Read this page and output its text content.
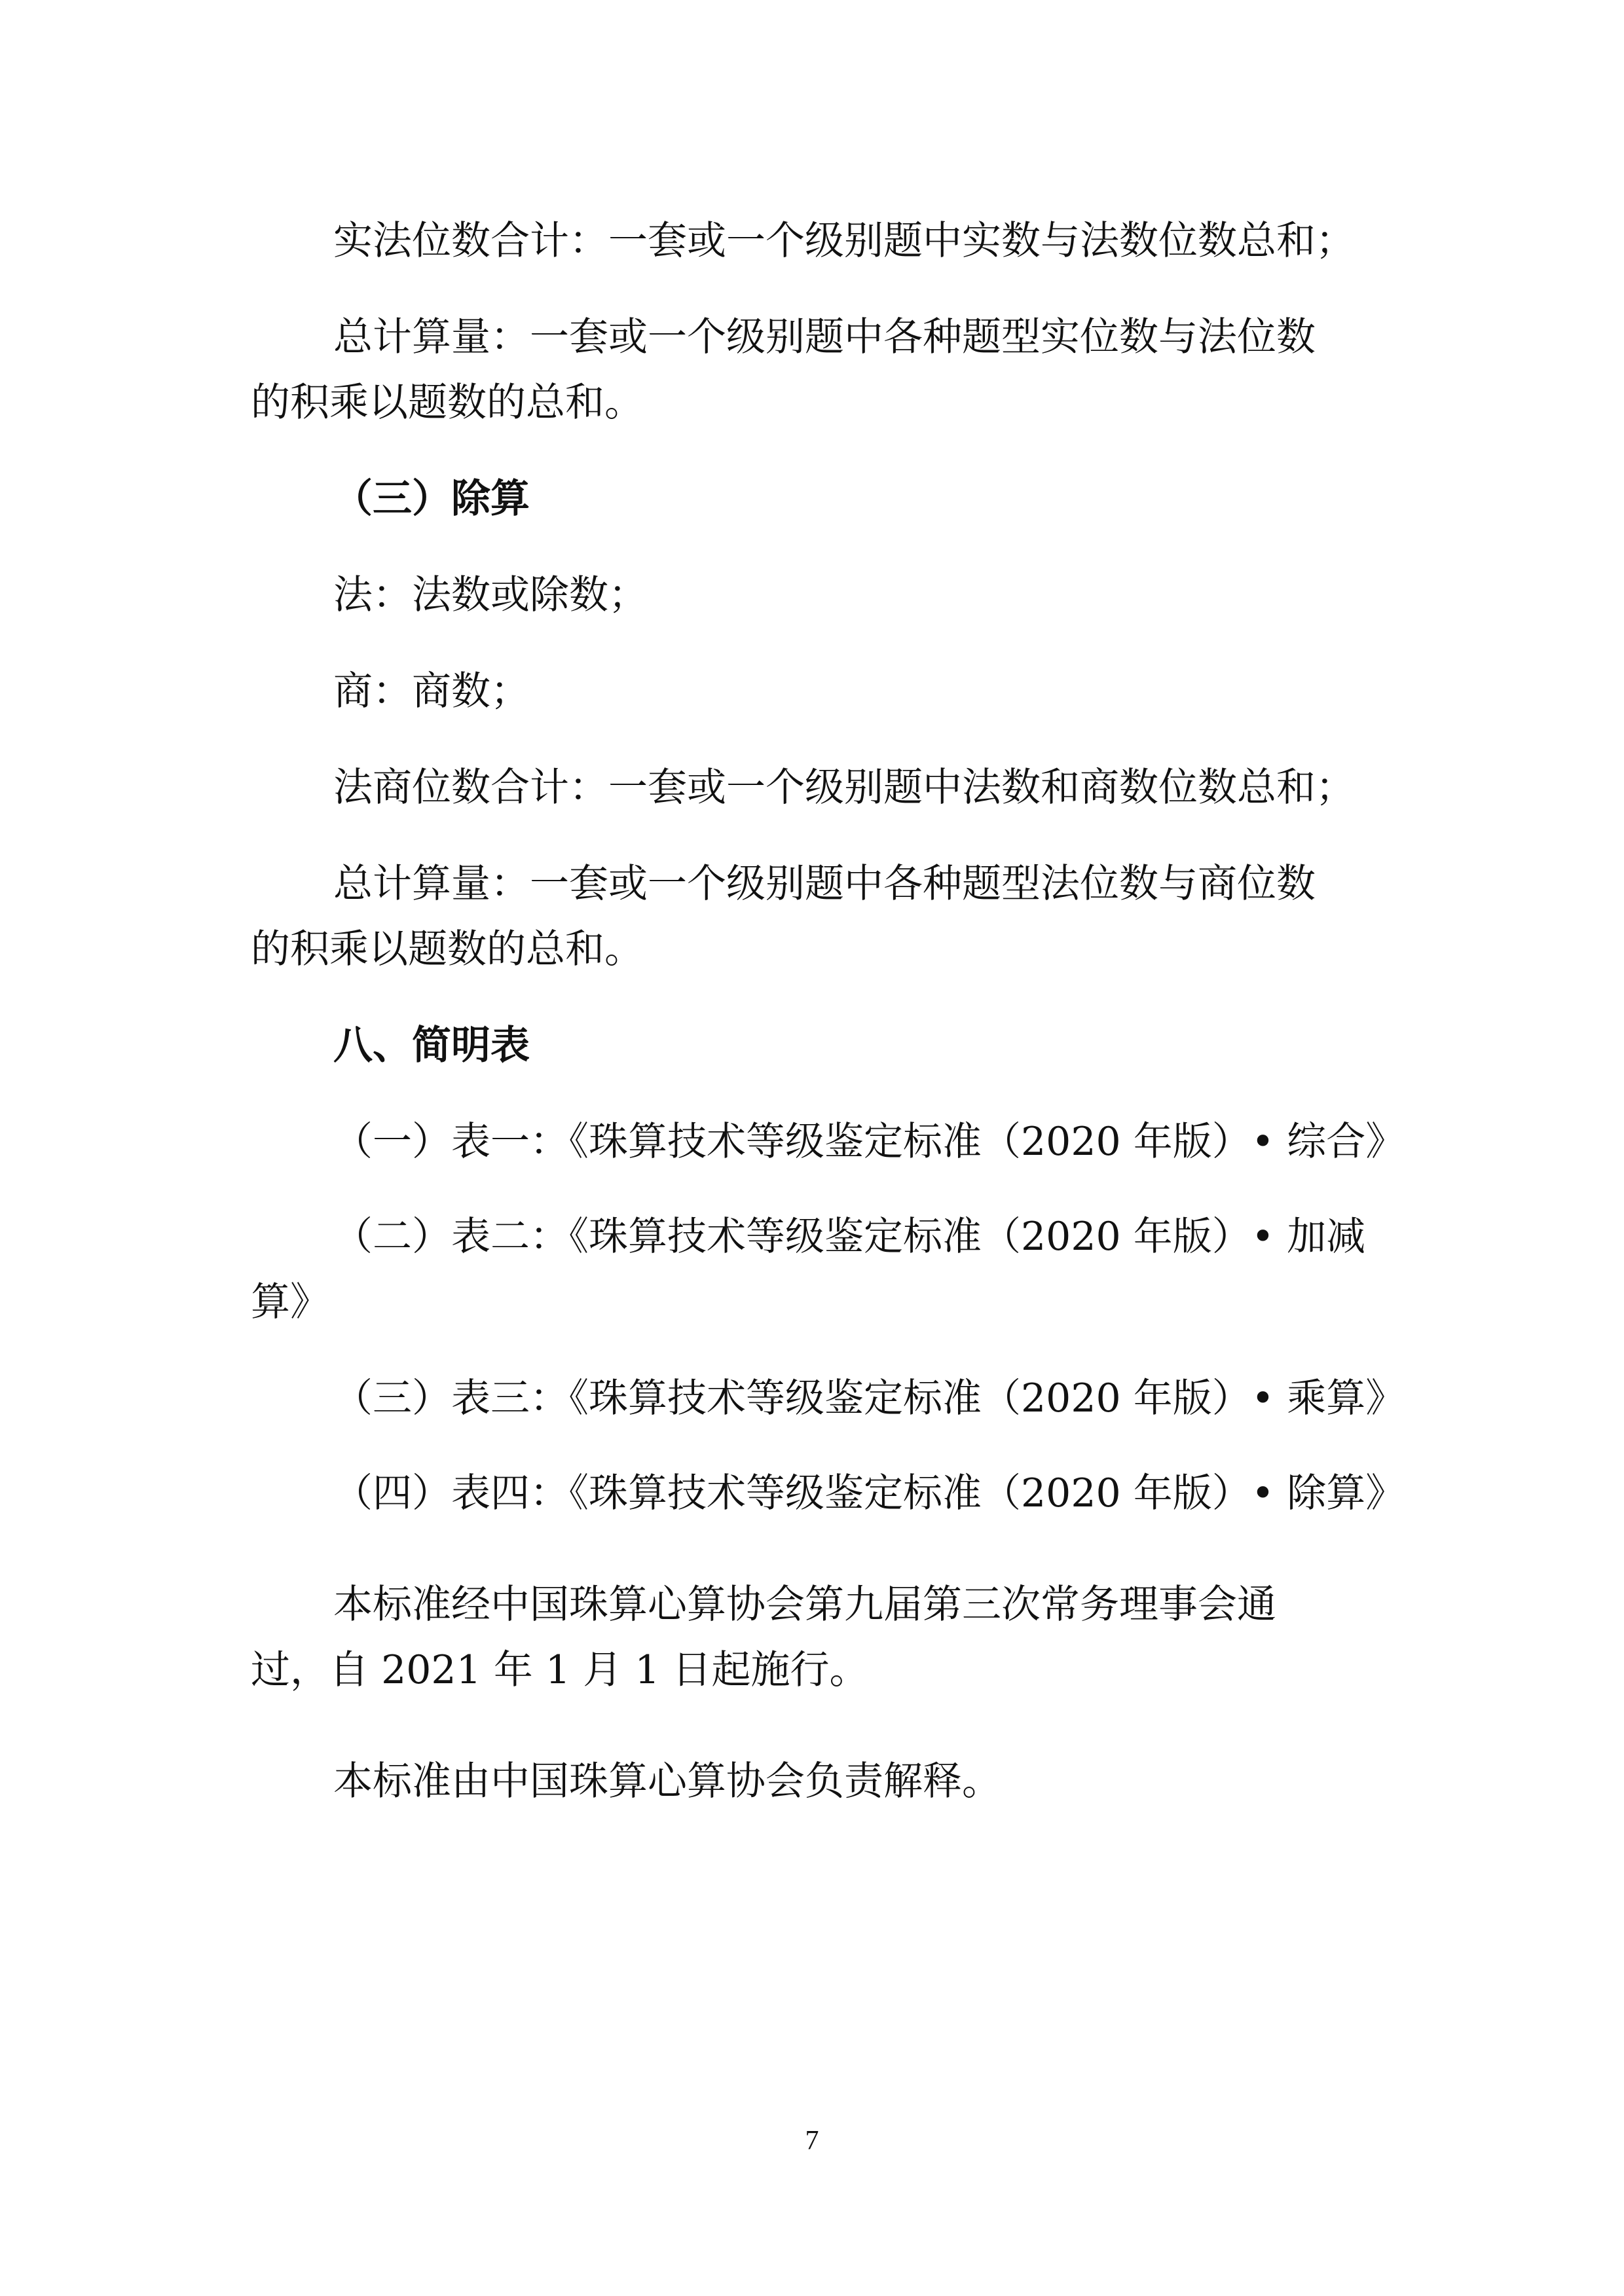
实法位数合计：一套或一个级别题中实数与法数位数总和；

总计算量：一套或一个级别题中各种题型实位数与法位数

的积乘以题数的总和。

（三）除算

法：法数或除数；

商：商数；

法商位数合计：一套或一个级别题中法数和商数位数总和；

总计算量：一套或一个级别题中各种题型法位数与商位数

的积乘以题数的总和。

八、简明表

（一）表一：《珠算技术等级鉴定标准（2020 年版）• 综合》

（二）表二：《珠算技术等级鉴定标准（2020 年版）• 加减

算》

（三）表三：《珠算技术等级鉴定标准（2020 年版）• 乘算》

（四）表四：《珠算技术等级鉴定标准（2020 年版）• 除算》

本标准经中国珠算心算协会第九届第三次常务理事会通

过，自 2021 年 1 月 1 日起施行。

本标准由中国珠算心算协会负责解释。

7
